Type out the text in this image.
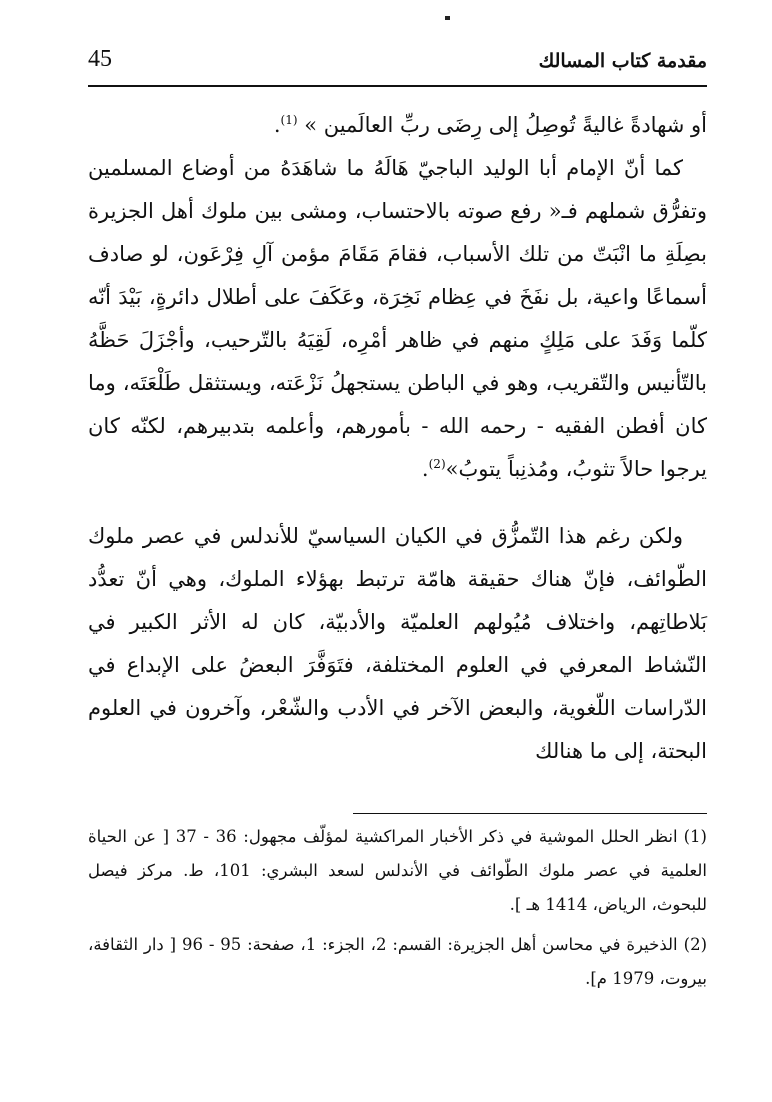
مقدمة كتاب المسالك
45

أو شهادةً غاليةً تُوصِلُ إلى رِضَى ربِّ العالَمين » $^{(1)}$.

كما أنّ الإمام أبا الوليد الباجيّ هَالَهُ ما شاهَدَهُ من أوضاع المسلمين وتفرُّق شملهم فـ« رفع صوته بالاحتساب، ومشى بين ملوك أهل الجزيرة بصِلَةِ ما انْبَتّ من تلك الأسباب، فقامَ مَقَامَ مؤمن آلِ فِرْعَون، لو صادف أسماعًا واعية، بل نفَخَ في عِظام نَخِرَة، وعَكَفَ على أطلال دائرةٍ، بَيْدَ أنّه كلّما وَفَدَ على مَلِكٍ منهم في ظاهر أمْرِه، لَقِيَهُ بالتّرحيب، وأجْزَلَ حَظَّهُ بالتّأنيس والتّقريب، وهو في الباطن يستجهلُ نَزْعَته، ويستثقل طَلْعَتَه، وما كان أفطن الفقيه - رحمه الله - بأمورهم، وأعلمه بتدبيرهم، لكنّه كان يرجوا حالاً تثوبُ، ومُذنِباً يتوبُ»$^{(2)}$.

ولكن رغم هذا التّمزُّق في الكيان السياسيّ للأندلس في عصر ملوك الطّوائف، فإنّ هناك حقيقة هامّة ترتبط بهؤلاء الملوك، وهي أنّ تعدُّد بَلاطاتِهم، واختلاف مُيُولهم العلميّة والأدبيّة، كان له الأثر الكبير في النّشاط المعرفي في العلوم المختلفة، فتَوَفَّرَ البعضُ على الإبداع في الدّراسات اللّغوية، والبعض الآخر في الأدب والشّعْر، وآخرون في العلوم البحتة، إلى ما هنالك

(1)انظر الحلل الموشية في ذكر الأخبار المراكشية لمؤلّف مجهول: 36 - 37 [ عن الحياة العلمية في عصر ملوك الطّوائف في الأندلس لسعد البشري: 101، ط. مركز فيصل للبحوث، الرياض، 1414 هـ ].

(2)الذخيرة في محاسن أهل الجزيرة: القسم: 2، الجزء: 1، صفحة: 95 - 96 [ دار الثقافة، بيروت، 1979 م].
